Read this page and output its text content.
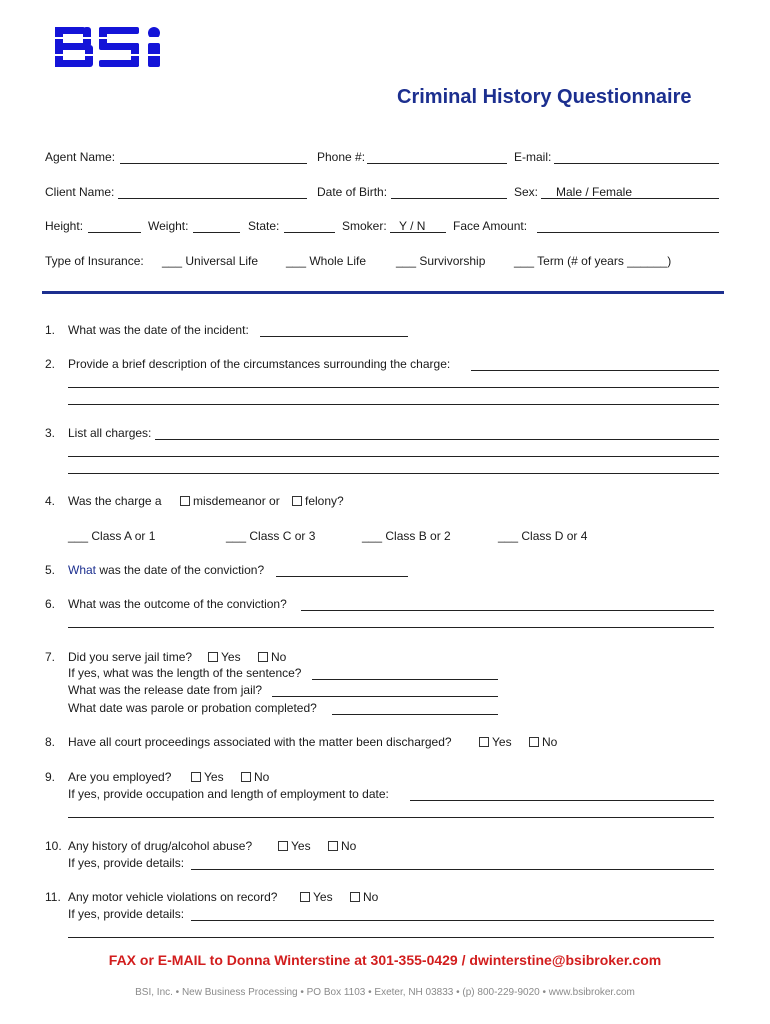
Criminal History Questionnaire
Agent Name:	Phone #:	E-mail:
Client Name:	Date of Birth:	Sex: Male / Female
Height:	Weight:	State:	Smoker: Y / N Face Amount:
Type of Insurance: ___ Universal Life ___ Whole Life ___ Survivorship ___ Term (# of years ______)
1. What was the date of the incident:
2. Provide a brief description of the circumstances surrounding the charge:
3. List all charges:
4. Was the charge a	misdemeanor or	felony?
___ Class A or 1	___ Class C or 3	___ Class B or 2	___ Class D or 4
5. What was the date of the conviction?
6. What was the outcome of the conviction?
7. Did you serve jail time?	Yes	No
If yes, what was the length of the sentence?
What was the release date from jail?
What date was parole or probation completed?
8. Have all court proceedings associated with the matter been discharged?	Yes	No
9. Are you employed?	Yes	No
If yes, provide occupation and length of employment to date:
10. Any history of drug/alcohol abuse?	Yes	No
If yes, provide details:
11. Any motor vehicle violations on record?	Yes	No
If yes, provide details:
FAX or E-MAIL to Donna Winterstine at 301-355-0429 / dwinterstine@bsibroker.com
BSI, Inc. • New Business Processing • PO Box 1103 • Exeter, NH 03833 • (p) 800-229-9020 • www.bsibroker.com
